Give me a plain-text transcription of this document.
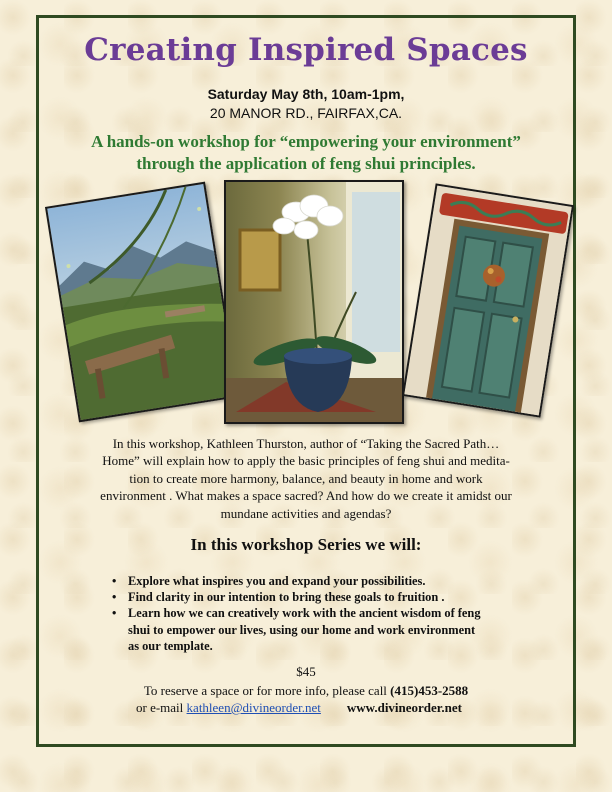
Creating Inspired Spaces
Saturday May 8th, 10am-1pm,
20 MANOR RD., FAIRFAX,CA.
A hands-on workshop for “empowering your environment”
through the application of feng shui principles.
In this workshop, Kathleen Thurston, author of “Taking the Sacred Path…
Home” will explain how to apply the basic principles of feng shui and medita-
tion to create more harmony, balance, and beauty in home and work
environment . What makes a space sacred? And how do we create it amidst our
mundane activities and agendas?
In this workshop Series we will:
• Explore what inspires you and expand your possibilities.
• Find clarity in our intention to bring these goals to fruition .
• Learn how we can creatively work with the ancient wisdom of feng
shui to empower our lives, using our home and work environment
as our template.
$45
To reserve a space or for more info, please call (415)453-2588
or e-mail kathleen@divineorder.net www.divineorder.net
